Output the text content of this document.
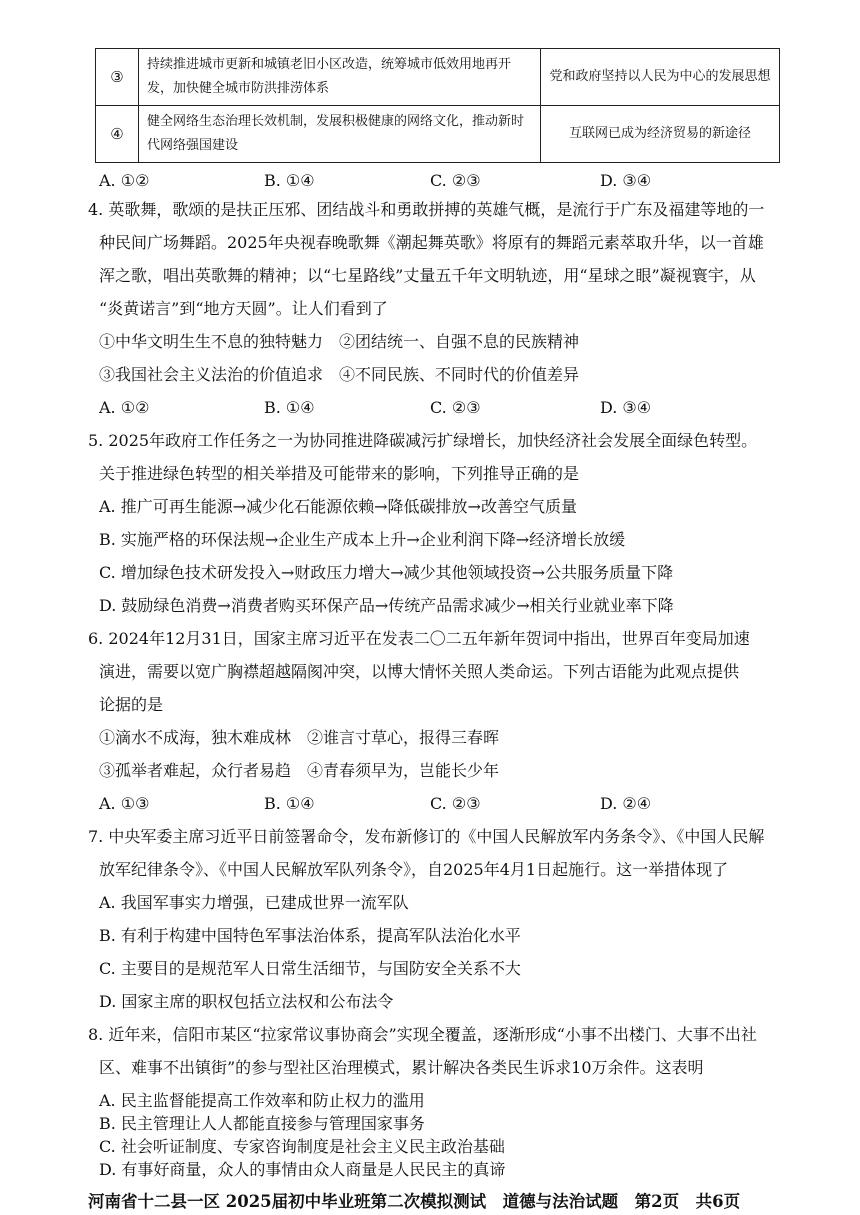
③	持续推进城市更新和城镇老旧小区改造，统筹城市低效用地再开发，加快健全城市防洪排涝体系	党和政府坚持以人民为中心的发展思想
④	健全网络生态治理长效机制，发展积极健康的网络文化，推动新时代网络强国建设	互联网已成为经济贸易的新途径
A. ①②	B. ①④	C. ②③	D. ③④
4. 英歌舞，歌颂的是扶正压邪、团结战斗和勇敢拼搏的英雄气概，是流行于广东及福建等地的一
种民间广场舞蹈。2025年央视春晚歌舞《潮起舞英歌》将原有的舞蹈元素萃取升华，以一首雄
浑之歌，唱出英歌舞的精神；以“七星路线”丈量五千年文明轨迹，用“星球之眼”凝视寰宇，从
“炎黄诺言”到“地方天圆”。让人们看到了
①中华文明生生不息的独特魅力　②团结统一、自强不息的民族精神
③我国社会主义法治的价值追求　④不同民族、不同时代的价值差异
A. ①②	B. ①④	C. ②③	D. ③④
5. 2025年政府工作任务之一为协同推进降碳减污扩绿增长，加快经济社会发展全面绿色转型。
关于推进绿色转型的相关举措及可能带来的影响，下列推导正确的是
A. 推广可再生能源→减少化石能源依赖→降低碳排放→改善空气质量
B. 实施严格的环保法规→企业生产成本上升→企业利润下降→经济增长放缓
C. 增加绿色技术研发投入→财政压力增大→减少其他领域投资→公共服务质量下降
D. 鼓励绿色消费→消费者购买环保产品→传统产品需求减少→相关行业就业率下降
6. 2024年12月31日，国家主席习近平在发表二〇二五年新年贺词中指出，世界百年变局加速
演进，需要以宽广胸襟超越隔阂冲突，以博大情怀关照人类命运。下列古语能为此观点提供
论据的是
①滴水不成海，独木难成林　②谁言寸草心，报得三春晖
③孤举者难起，众行者易趋　④青春须早为，岂能长少年
A. ①③	B. ①④	C. ②③	D. ②④
7. 中央军委主席习近平日前签署命令，发布新修订的《中国人民解放军内务条令》、《中国人民解
放军纪律条令》、《中国人民解放军队列条令》，自2025年4月1日起施行。这一举措体现了
A. 我国军事实力增强，已建成世界一流军队
B. 有利于构建中国特色军事法治体系，提高军队法治化水平
C. 主要目的是规范军人日常生活细节，与国防安全关系不大
D. 国家主席的职权包括立法权和公布法令
8. 近年来，信阳市某区“拉家常议事协商会”实现全覆盖，逐渐形成“小事不出楼门、大事不出社
区、难事不出镇街”的参与型社区治理模式，累计解决各类民生诉求10万余件。这表明
A. 民主监督能提高工作效率和防止权力的滥用
B. 民主管理让人人都能直接参与管理国家事务
C. 社会听证制度、专家咨询制度是社会主义民主政治基础
D. 有事好商量，众人的事情由众人商量是人民民主的真谛
河南省十二县一区 2025届初中毕业班第二次模拟测试　道德与法治试题　第2页　共6页
